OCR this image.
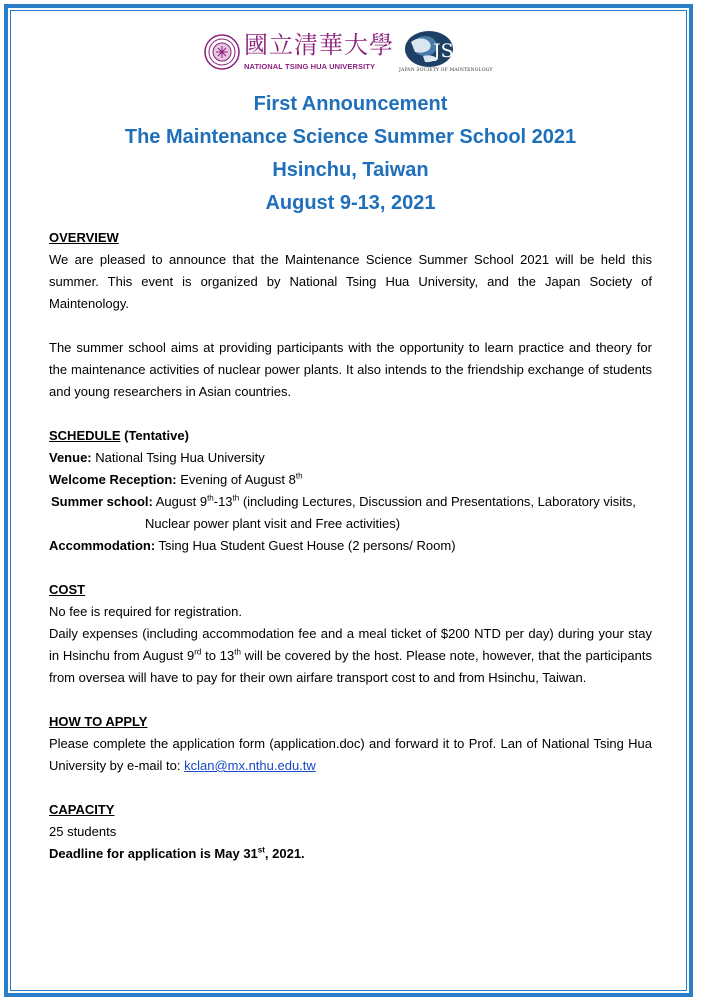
國立清華大學
NATIONAL TSING HUA UNIVERSITY
JSM
JAPAN SOCIETY OF MAINTENOLOGY
First Announcement
The Maintenance Science Summer School 2021
Hsinchu, Taiwan
August 9-13, 2021

OVERVIEW

We are pleased to announce that the Maintenance Science Summer School 2021 will be held this summer. This event is organized by National Tsing Hua University, and the Japan Society of Maintenology.

The summer school aims at providing participants with the opportunity to learn practice and theory for the maintenance activities of nuclear power plants. It also intends to the friendship exchange of students and young researchers in Asian countries.

SCHEDULE (Tentative)

Venue: National Tsing Hua University

Welcome Reception: Evening of August 8th

Summer school: August 9th-13th (including Lectures, Discussion and Presentations, Laboratory visits,

Nuclear power plant visit and Free activities)

Accommodation: Tsing Hua Student Guest House (2 persons/ Room)

COST

No fee is required for registration.

Daily expenses (including accommodation fee and a meal ticket of $200 NTD per day) during your stay in Hsinchu from August 9rd to 13th will be covered by the host. Please note, however, that the participants from oversea will have to pay for their own airfare transport cost to and from Hsinchu, Taiwan.

HOW TO APPLY

Please complete the application form (application.doc) and forward it to Prof. Lan of National Tsing Hua University by e-mail to: kclan@mx.nthu.edu.tw

CAPACITY

25 students

Deadline for application is May 31st, 2021.
